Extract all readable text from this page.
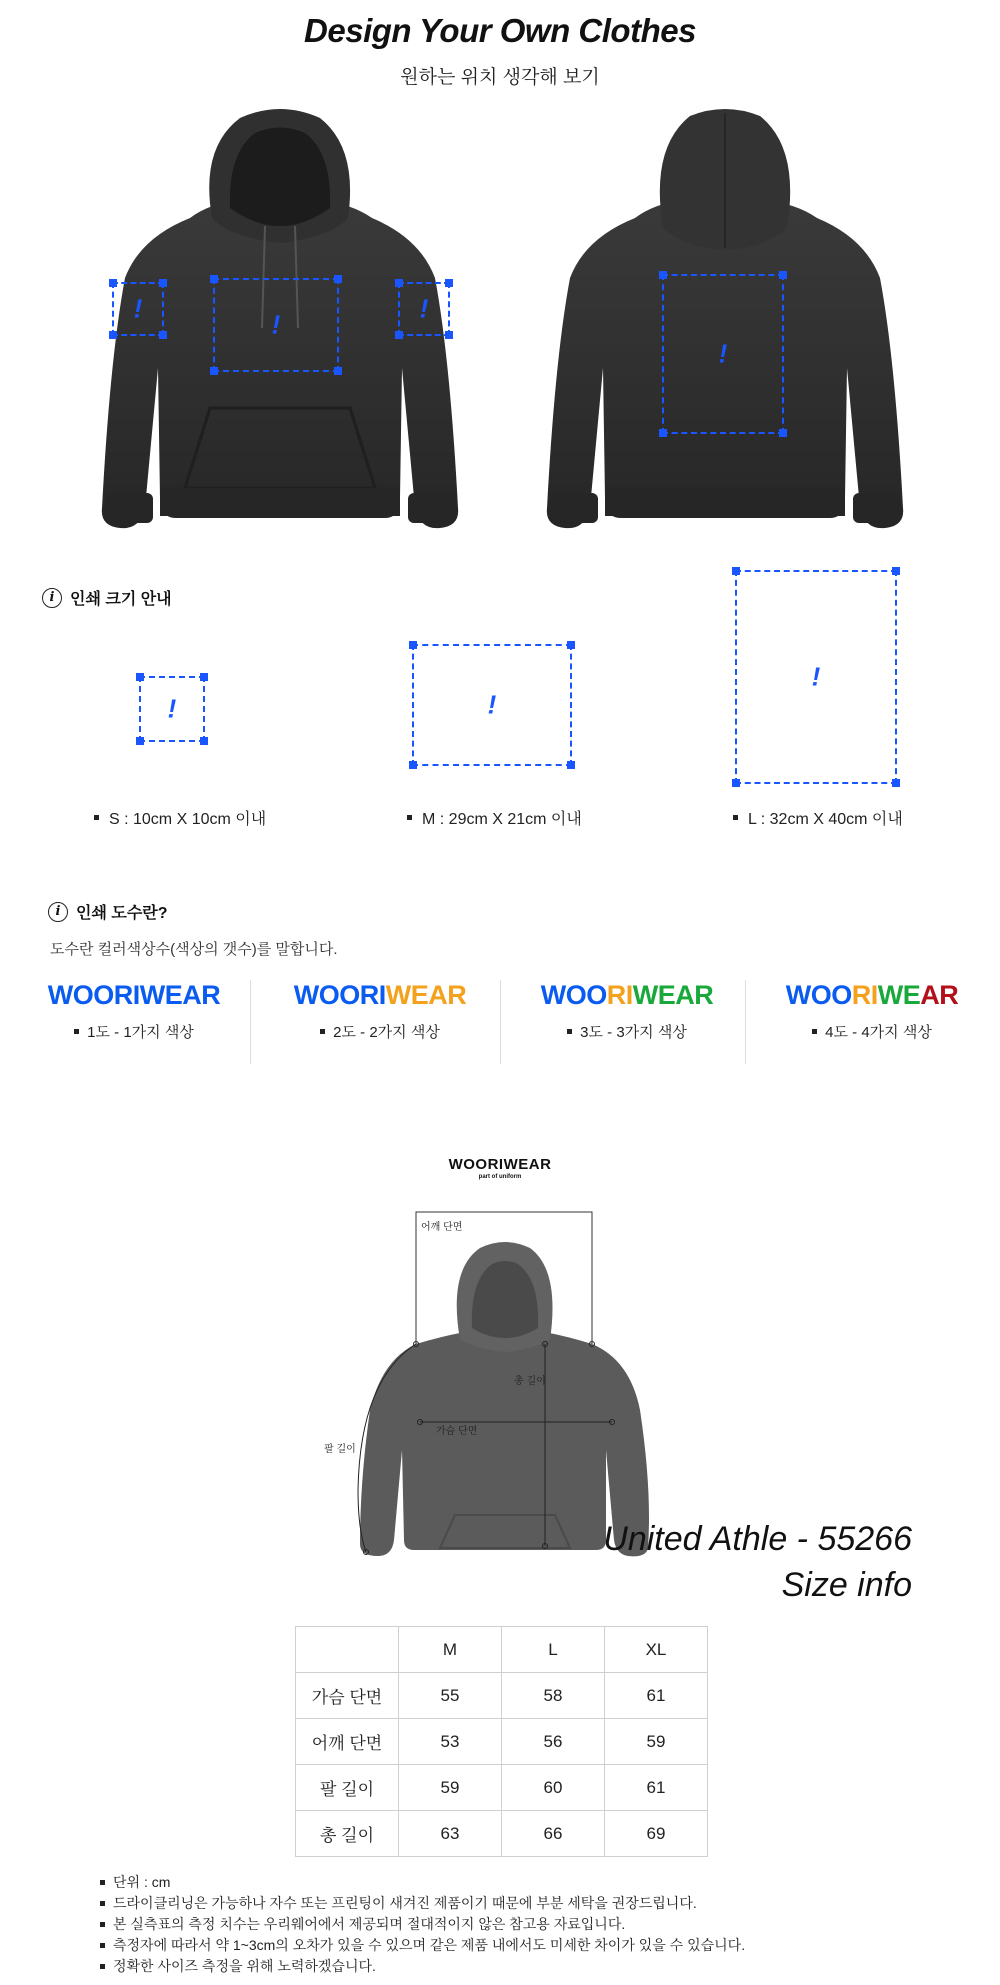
Design Your Own Clothes
원하는 위치 생각해 보기
!
!	!
!
i 인쇄 크기 안내
!	!
!
S : 10cm X 10cm 이내	M : 29cm X 21cm 이내	L : 32cm X 40cm 이내
i 인쇄 도수란?
도수란 컬러색상수(색상의 갯수)를 말합니다.
WOORIWEAR
1도 - 1가지 색상
WOORIWEAR
2도 - 2가지 색상
WOORIWEAR
3도 - 3가지 색상
WOORIWEAR
4도 - 4가지 색상
WOORIWEAR
part of uniform
어깨 단면
총 길이
가슴 단면
팔 길이
United Athle - 55266
Size info
	M	L	XL
가슴 단면	55	58	61
어깨 단면	53	56	59
팔 길이	59	60	61
총 길이	63	66	69
단위 : cm
드라이클리닝은 가능하나 자수 또는 프린팅이 새겨진 제품이기 때문에 부분 세탁을 권장드립니다.
본 실측표의 측정 치수는 우리웨어에서 제공되며 절대적이지 않은 참고용 자료입니다.
측정자에 따라서 약 1~3cm의 오차가 있을 수 있으며 같은 제품 내에서도 미세한 차이가 있을 수 있습니다.
정확한 사이즈 측정을 위해 노력하겠습니다.
